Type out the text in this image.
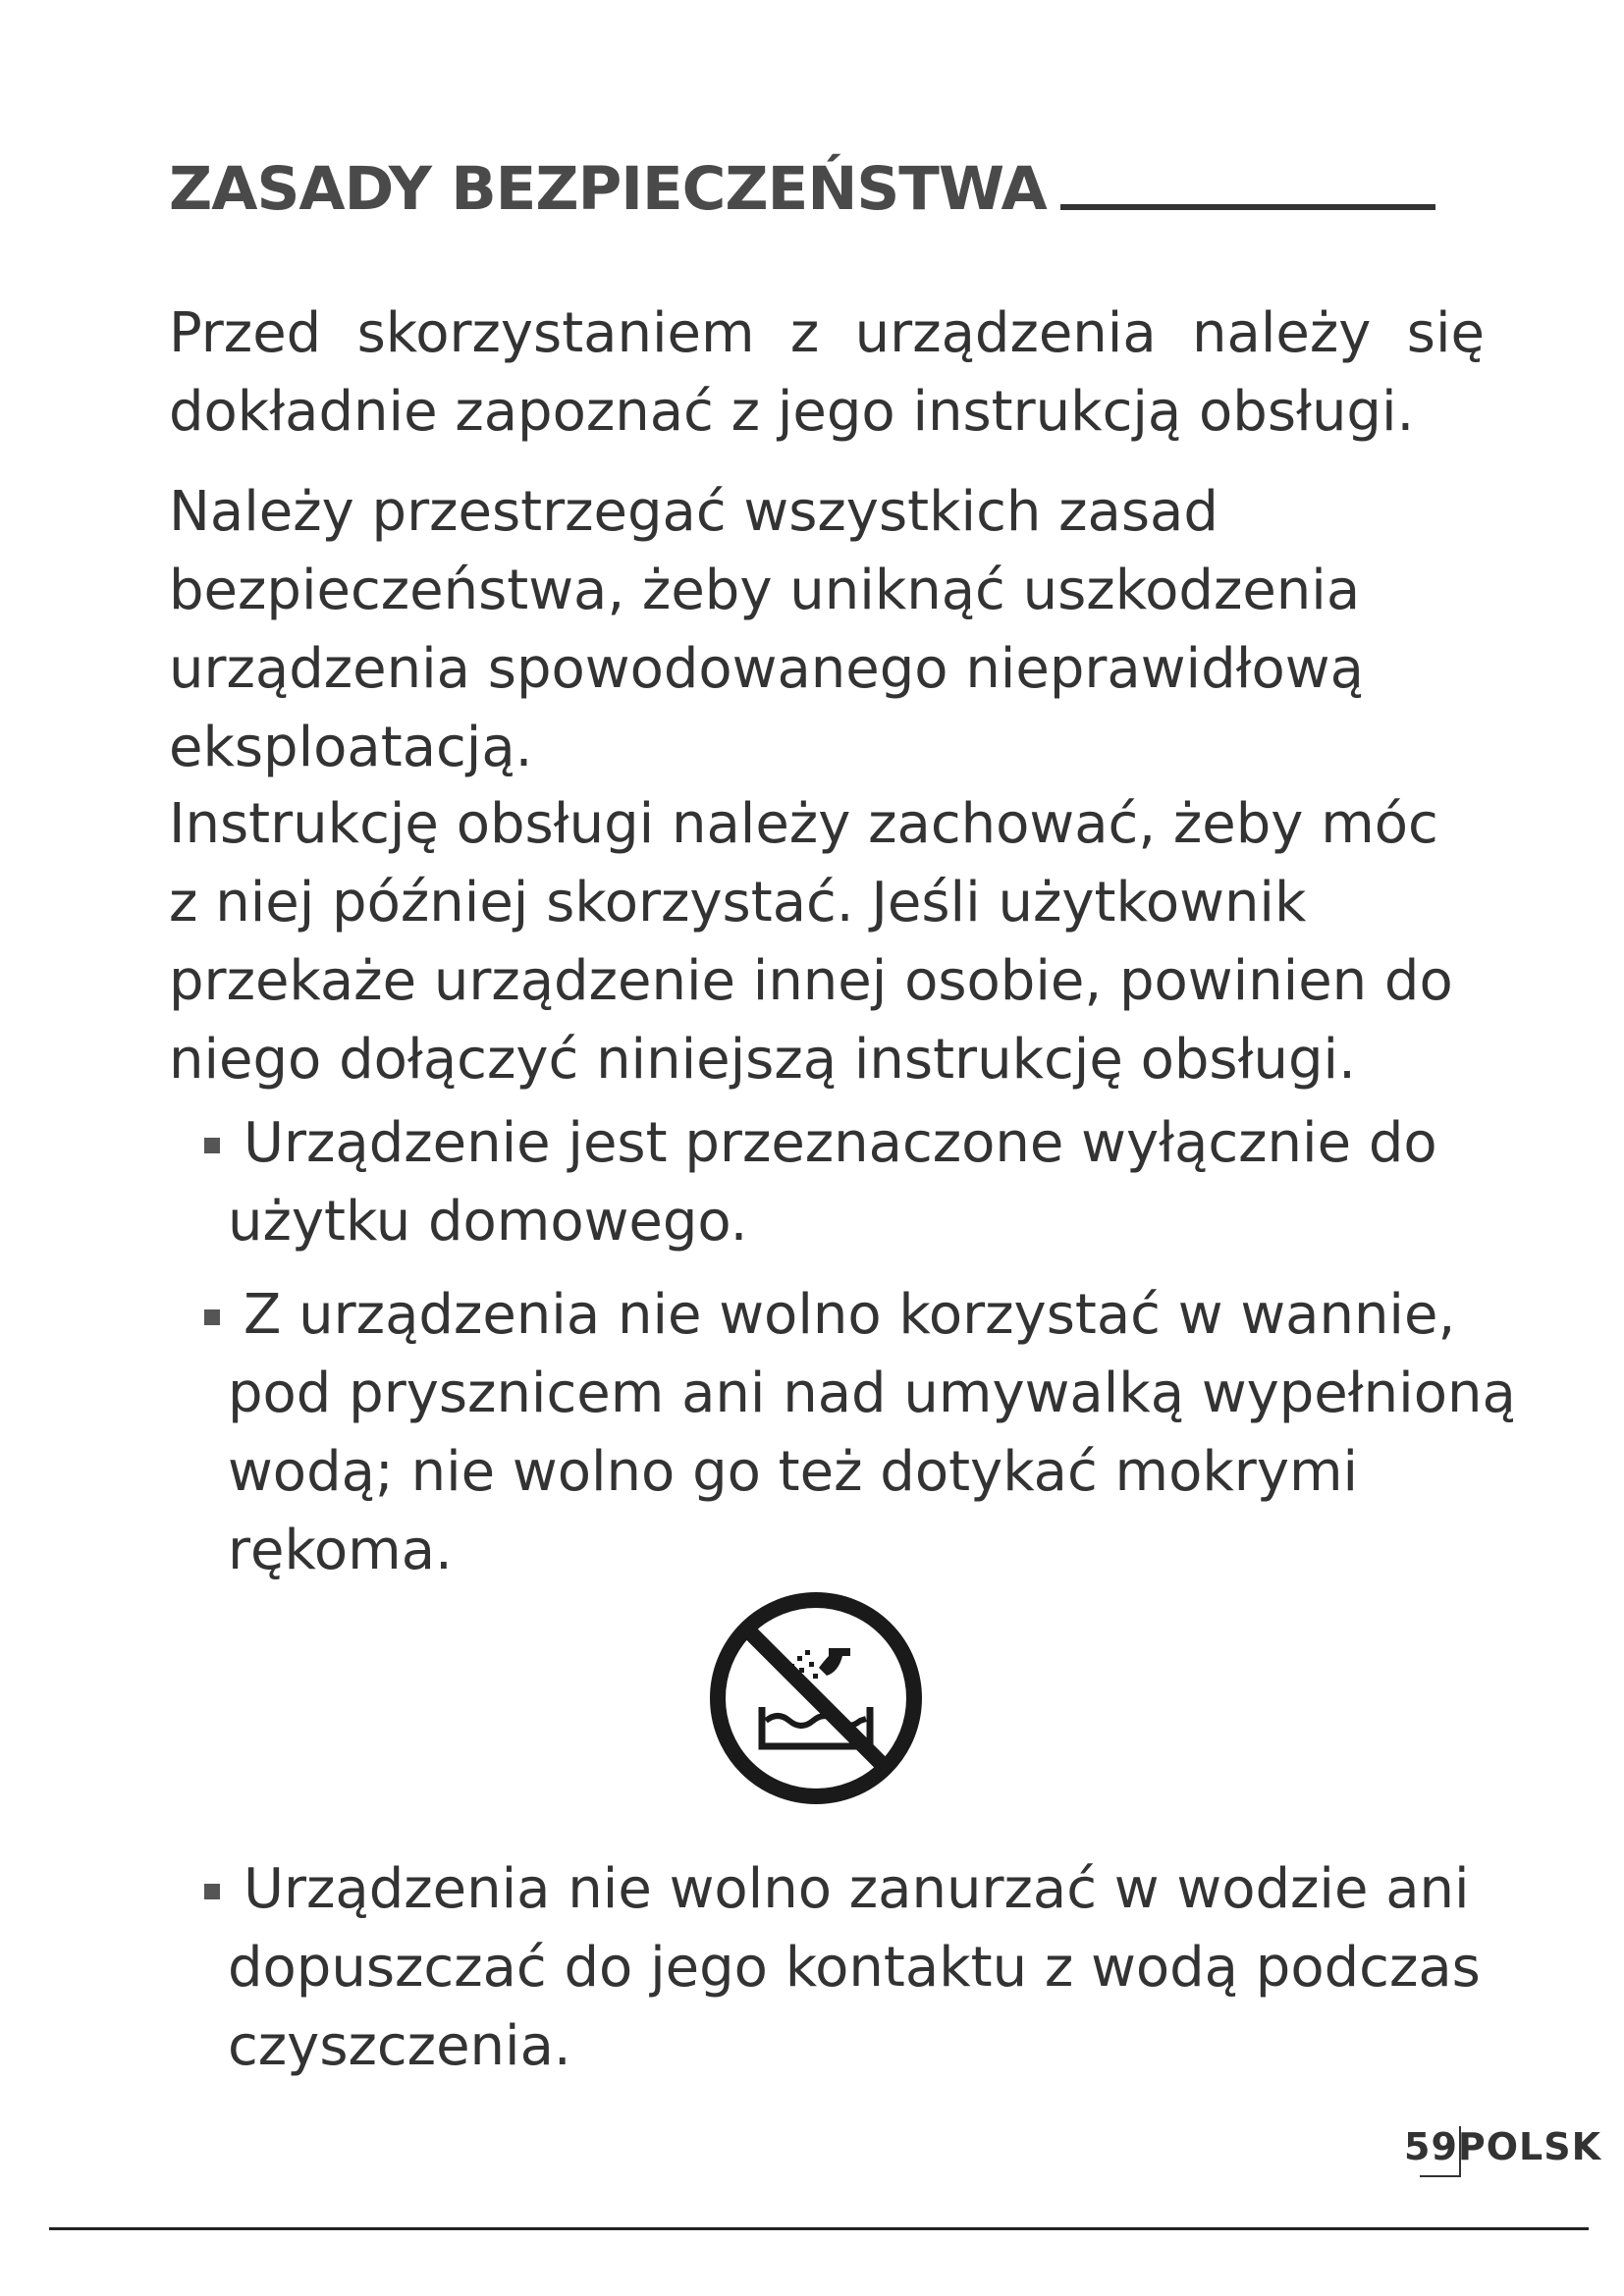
ZASADY BEZPIECZEŃSTWA

Przed skorzystaniem z urządzenia należy się dokładnie zapoznać z jego instrukcją obsługi.

Należy przestrzegać wszystkich zasad bezpieczeństwa, żeby uniknąć uszkodzenia urządzenia spowodowanego nieprawidłową eksploatacją.

Instrukcję obsługi należy zachować, żeby móc z niej później skorzystać. Jeśli użytkownik przekaże urządzenie innej osobie, powinien do niego dołączyć niniejszą instrukcję obsługi.

Urządzenie jest przeznaczone wyłącznie do użytku domowego.
Z urządzenia nie wolno korzystać w wannie, pod prysznicem ani nad umywalką wypełnioną wodą; nie wolno go też dotykać mokrymi rękoma.
Urządzenia nie wolno zanurzać w wodzie ani dopuszczać do jego kontaktu z wodą podczas czyszczenia.
59POLSK
